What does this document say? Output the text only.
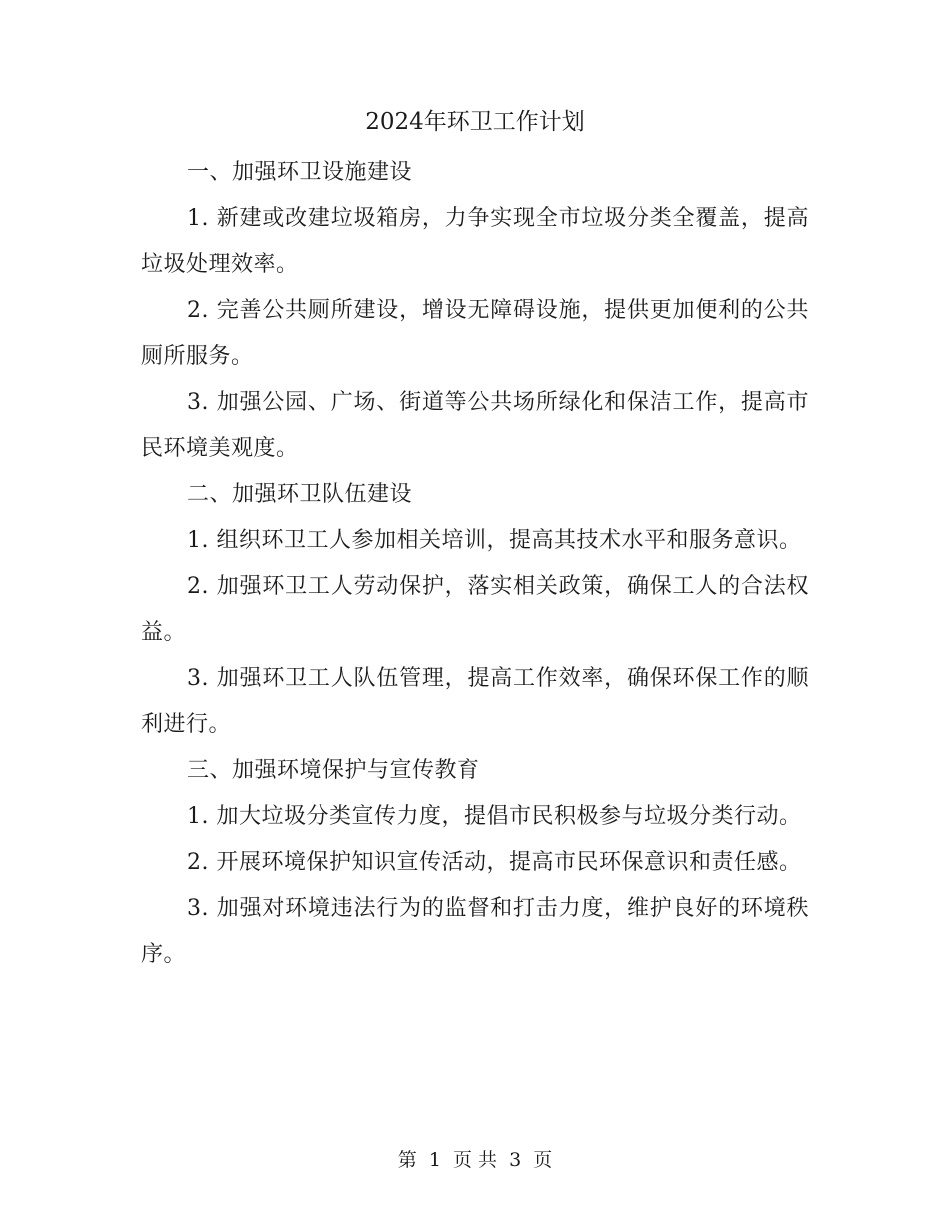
2024年环卫工作计划

一、加强环卫设施建设

1. 新建或改建垃圾箱房，力争实现全市垃圾分类全覆盖，提高垃圾处理效率。

2. 完善公共厕所建设，增设无障碍设施，提供更加便利的公共厕所服务。

3. 加强公园、广场、街道等公共场所绿化和保洁工作，提高市民环境美观度。

二、加强环卫队伍建设

1. 组织环卫工人参加相关培训，提高其技术水平和服务意识。

2. 加强环卫工人劳动保护，落实相关政策，确保工人的合法权益。

3. 加强环卫工人队伍管理，提高工作效率，确保环保工作的顺利进行。

三、加强环境保护与宣传教育

1. 加大垃圾分类宣传力度，提倡市民积极参与垃圾分类行动。

2. 开展环境保护知识宣传活动，提高市民环保意识和责任感。

3. 加强对环境违法行为的监督和打击力度，维护良好的环境秩序。

第 1 页 共 3 页
